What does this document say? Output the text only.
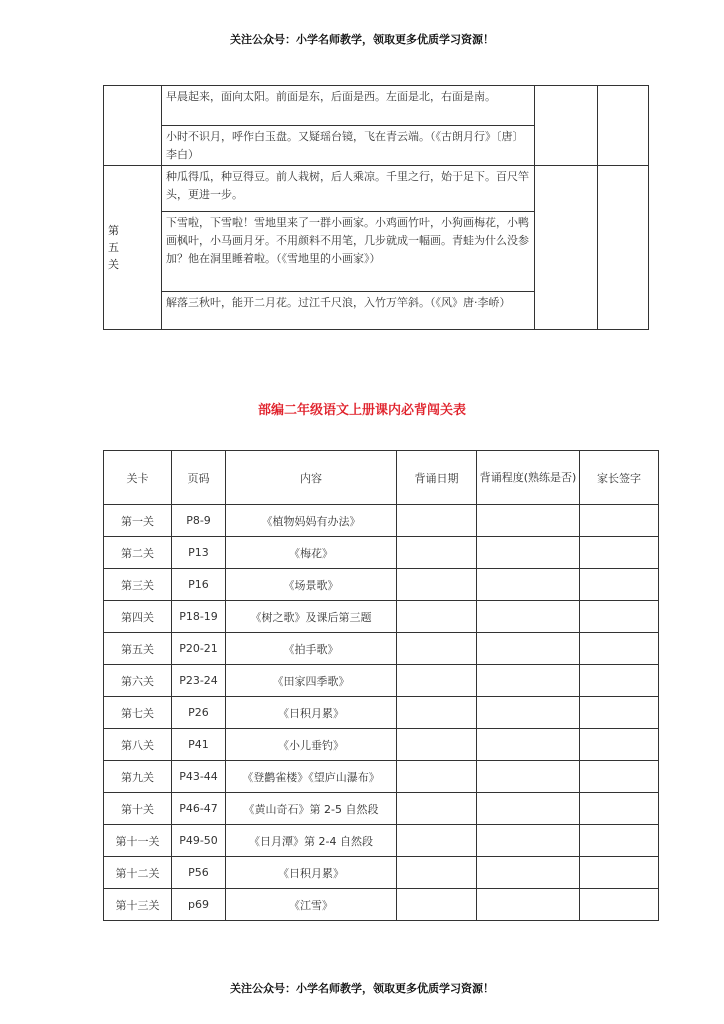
关注公众号：小学名师教学，领取更多优质学习资源！
	早晨起来，面向太阳。前面是东，后面是西。左面是北，右面是南。		
	小时不识月，呼作白玉盘。又疑瑶台镜，飞在青云端。（《古朗月行》〔唐〕李白）		

第
五
关	种瓜得瓜，种豆得豆。前人栽树，后人乘凉。千里之行，始于足下。百尺竿头，更进一步。		
	下雪啦，下雪啦！雪地里来了一群小画家。小鸡画竹叶，小狗画梅花，小鸭画枫叶，小马画月牙。不用颜料不用笔，几步就成一幅画。青蛙为什么没参加？他在洞里睡着啦。（《雪地里的小画家》）		
	解落三秋叶，能开二月花。过江千尺浪，入竹万竿斜。（《风》唐·李峤）		
部编二年级语文上册课内必背闯关表
关卡	页码	内容	背诵日期	背诵程度(熟练是否)	家长签字
第一关	P8-9	《植物妈妈有办法》			
第二关	P13	《梅花》			
第三关	P16	《场景歌》			
第四关	P18-19	《树之歌》及课后第三题			
第五关	P20-21	《拍手歌》			
第六关	P23-24	《田家四季歌》			
第七关	P26	《日积月累》			
第八关	P41	《小儿垂钓》			
第九关	P43-44	《登鹳雀楼》《望庐山瀑布》			
第十关	P46-47	《黄山奇石》第 2-5 自然段			
第十一关	P49-50	《日月潭》第 2-4 自然段			
第十二关	P56	《日积月累》			
第十三关	p69	《江雪》			
关注公众号：小学名师教学，领取更多优质学习资源！
